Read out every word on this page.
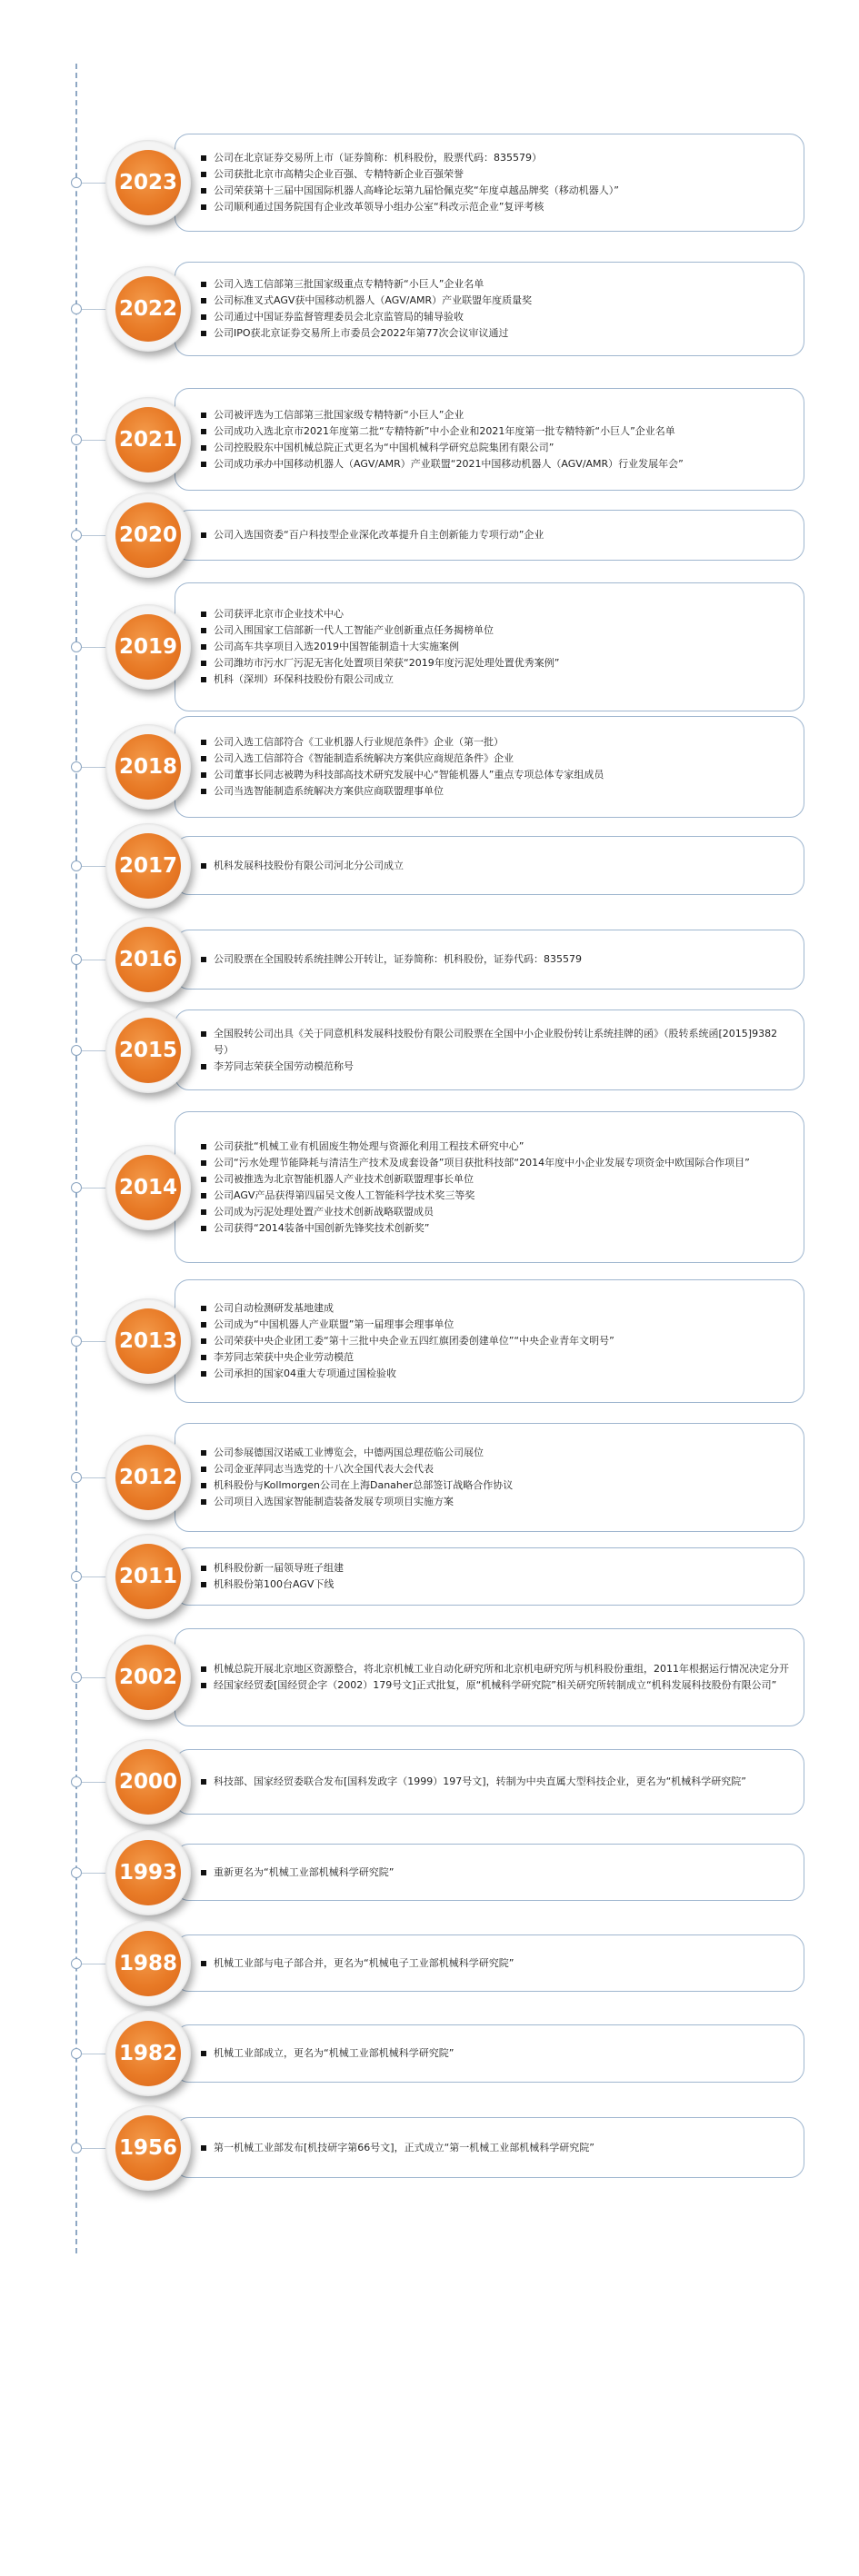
公司在北京证券交易所上市（证券简称：机科股份，股票代码：835579）
公司获批北京市高精尖企业百强、专精特新企业百强荣誉
公司荣获第十三届中国国际机器人高峰论坛第九届恰佩克奖“年度卓越品牌奖（移动机器人）”
公司顺利通过国务院国有企业改革领导小组办公室“科改示范企业”复评考核
2023
公司入选工信部第三批国家级重点专精特新“小巨人”企业名单
公司标准叉式AGV获中国移动机器人（AGV/AMR）产业联盟年度质量奖
公司通过中国证券监督管理委员会北京监管局的辅导验收
公司IPO获北京证券交易所上市委员会2022年第77次会议审议通过
2022
公司被评选为工信部第三批国家级专精特新“小巨人”企业
公司成功入选北京市2021年度第二批“专精特新”中小企业和2021年度第一批专精特新“小巨人”企业名单
公司控股股东中国机械总院正式更名为“中国机械科学研究总院集团有限公司”
公司成功承办中国移动机器人（AGV/AMR）产业联盟“2021中国移动机器人（AGV/AMR）行业发展年会”
2021
公司入选国资委“百户科技型企业深化改革提升自主创新能力专项行动”企业
2020
公司获评北京市企业技术中心
公司入围国家工信部新一代人工智能产业创新重点任务揭榜单位
公司高车共享项目入选2019中国智能制造十大实施案例
公司潍坊市污水厂污泥无害化处置项目荣获“2019年度污泥处理处置优秀案例”
机科（深圳）环保科技股份有限公司成立
2019
公司入选工信部符合《工业机器人行业规范条件》企业（第一批）
公司入选工信部符合《智能制造系统解决方案供应商规范条件》企业
公司董事长同志被聘为科技部高技术研究发展中心“智能机器人”重点专项总体专家组成员
公司当选智能制造系统解决方案供应商联盟理事单位
2018
机科发展科技股份有限公司河北分公司成立
2017
公司股票在全国股转系统挂牌公开转让，证券简称：机科股份，证券代码：835579
2016
全国股转公司出具《关于同意机科发展科技股份有限公司股票在全国中小企业股份转让系统挂牌的函》（股转系统函[2015]9382号）
李芳同志荣获全国劳动模范称号
2015
公司获批“机械工业有机固废生物处理与资源化利用工程技术研究中心”
公司“污水处理节能降耗与清洁生产技术及成套设备”项目获批科技部“2014年度中小企业发展专项资金中欧国际合作项目”
公司被推选为北京智能机器人产业技术创新联盟理事长单位
公司AGV产品获得第四届吴文俊人工智能科学技术奖三等奖
公司成为污泥处理处置产业技术创新战略联盟成员
公司获得“2014装备中国创新先锋奖技术创新奖”
2014
公司自动检测研发基地建成
公司成为“中国机器人产业联盟”第一届理事会理事单位
公司荣获中央企业团工委“第十三批中央企业五四红旗团委创建单位”“中央企业青年文明号”
李芳同志荣获中央企业劳动模范
公司承担的国家04重大专项通过国检验收
2013
公司参展德国汉诺威工业博览会，中德两国总理莅临公司展位
公司金亚萍同志当选党的十八次全国代表大会代表
机科股份与Kollmorgen公司在上海Danaher总部签订战略合作协议
公司项目入选国家智能制造装备发展专项项目实施方案
2012
机科股份新一届领导班子组建
机科股份第100台AGV下线
2011
机械总院开展北京地区资源整合，将北京机械工业自动化研究所和北京机电研究所与机科股份重组，2011年根据运行情况决定分开
经国家经贸委[国经贸企字（2002）179号文]正式批复，原“机械科学研究院”相关研究所转制成立“机科发展科技股份有限公司”
2002
科技部、国家经贸委联合发布[国科发政字（1999）197号文]，转制为中央直属大型科技企业，更名为“机械科学研究院”
2000
重新更名为“机械工业部机械科学研究院”
1993
机械工业部与电子部合并，更名为“机械电子工业部机械科学研究院”
1988
机械工业部成立，更名为“机械工业部机械科学研究院”
1982
第一机械工业部发布[机技研字第66号文]，正式成立“第一机械工业部机械科学研究院”
1956
